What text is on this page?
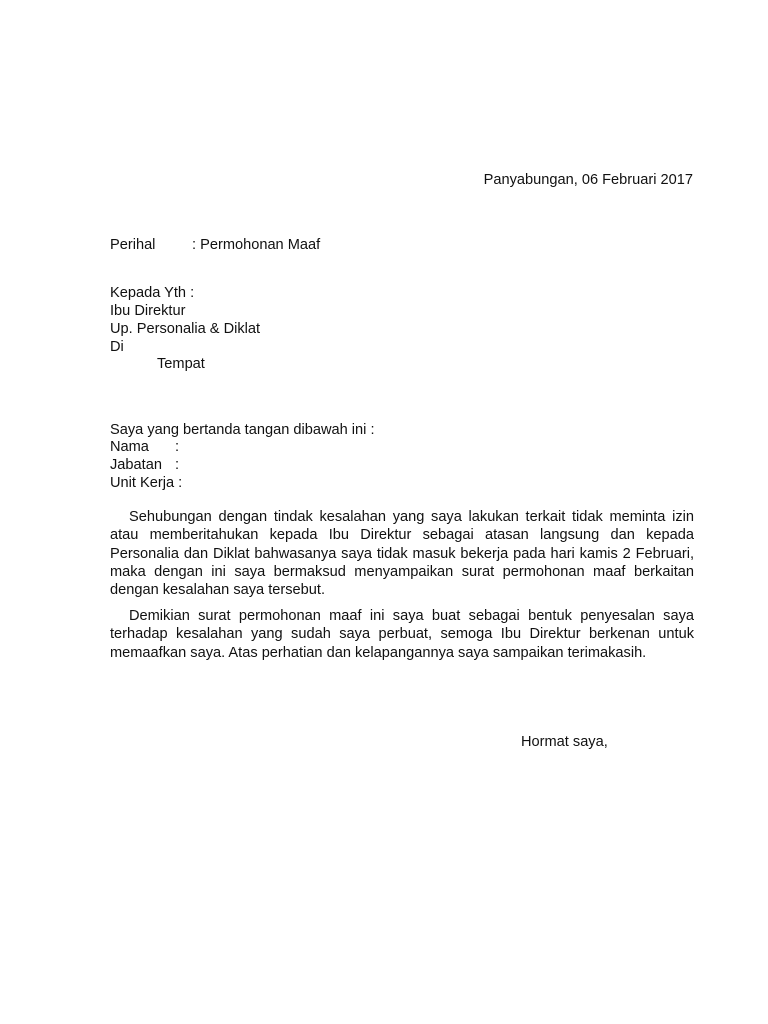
Panyabungan, 06 Februari 2017
Perihal	: Permohonan Maaf
Kepada Yth :
Ibu Direktur
Up. Personalia & Diklat
Di
Tempat
Saya yang bertanda tangan dibawah ini :
Nama :
Jabatan :
Unit Kerja :

Sehubungan dengan tindak kesalahan yang saya lakukan terkait tidak meminta izin atau memberitahukan kepada Ibu Direktur sebagai atasan langsung dan kepada Personalia dan Diklat bahwasanya saya tidak masuk bekerja pada hari kamis 2 Februari, maka dengan ini saya bermaksud menyampaikan surat permohonan maaf berkaitan dengan kesalahan saya tersebut.

Demikian surat permohonan maaf ini saya buat sebagai bentuk penyesalan saya terhadap kesalahan yang sudah saya perbuat, semoga Ibu Direktur berkenan untuk memaafkan saya. Atas perhatian dan kelapangannya saya sampaikan terimakasih.

Hormat saya,
